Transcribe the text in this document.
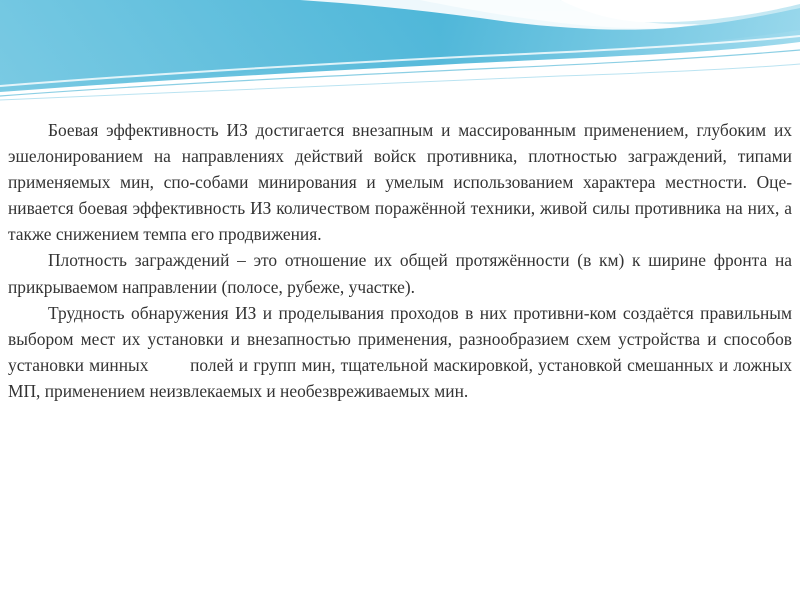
Боевая эффективность ИЗ достигается внезапным и массированным применением, глубоким их эшелонированием на направлениях действий войск противника, плотностью заграждений, типами применяемых мин, спо-собами минирования и умелым использованием характера местности. Оце-нивается боевая эффективность ИЗ количеством поражённой техники, живой силы противника на них, а также снижением темпа его продвижения.

Плотность заграждений – это отношение их общей протяжённости (в км) к ширине фронта на прикрываемом направлении (полосе, рубеже, участке).

Трудность обнаружения ИЗ и проделывания проходов в них противни-ком создаётся правильным выбором мест их установки и внезапностью применения, разнообразием схем устройства и способов установки минных        полей и групп мин, тщательной маскировкой, установкой смешанных и ложных МП, применением неизвлекаемых и необезвреживаемых мин.
